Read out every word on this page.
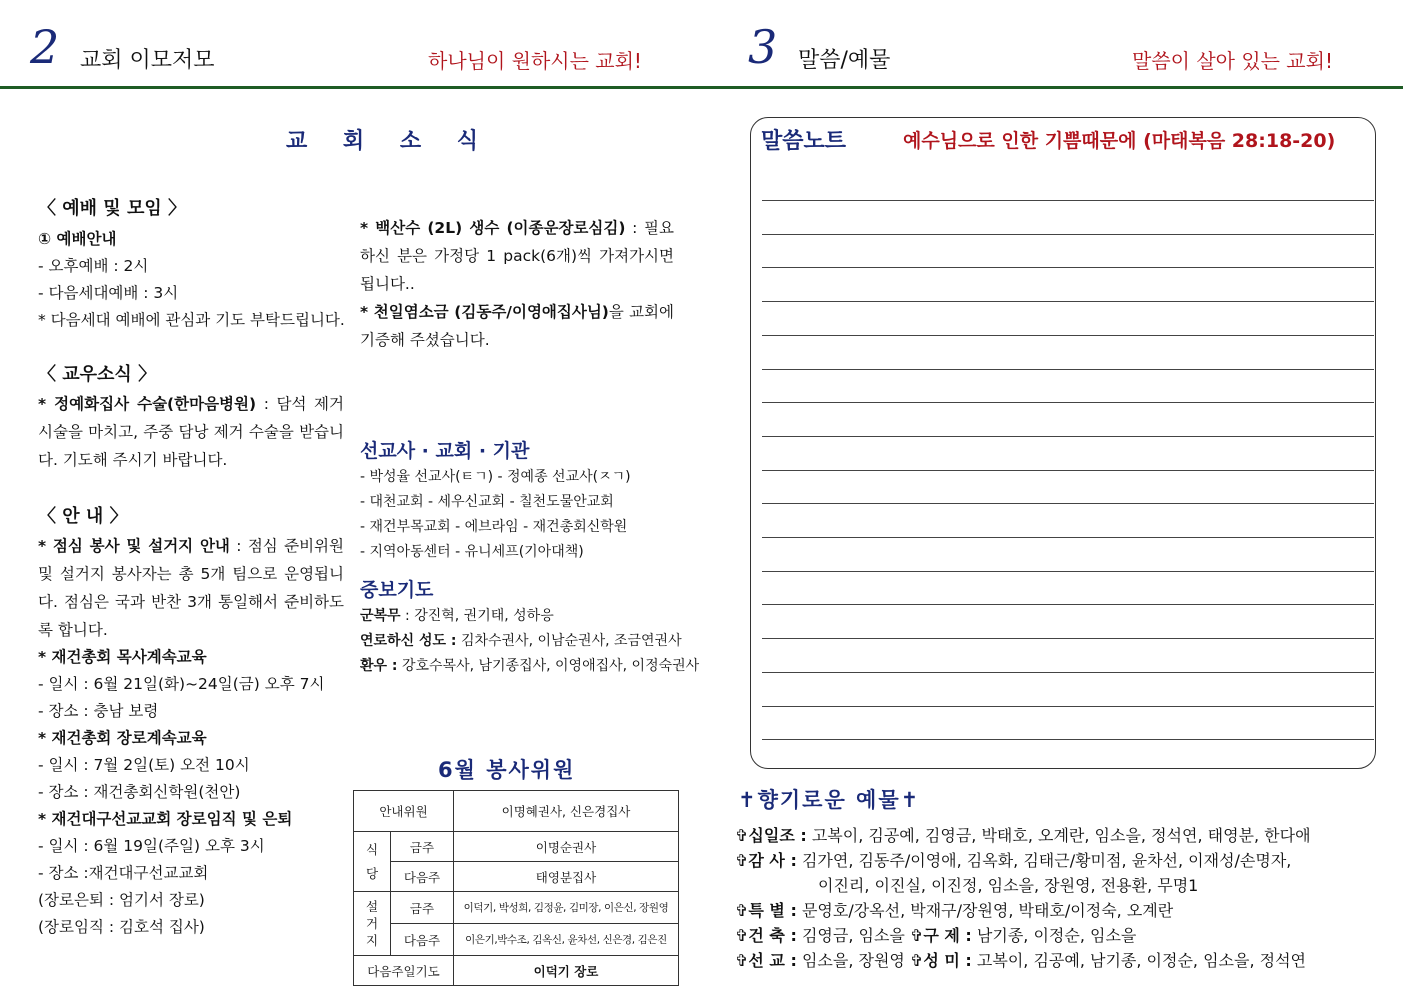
2 교회 이모저모	하나님이 원하시는 교회! 3 말씀/예물	말씀이 살아 있는 교회!
교 회 소 식
〈 예배 및 모임 〉
① 예배안내
- 오후예배 : 2시
- 다음세대예배 : 3시
* 다음세대 예배에 관심과 기도 부탁드립니다.
〈 교우소식 〉
* 정예화집사 수술(한마음병원) : 담석 제거 시술을 마치고, 주중 담낭 제거 수술을 받습니다. 기도해 주시기 바랍니다.
〈 안 내 〉
* 점심 봉사 및 설거지 안내 : 점심 준비위원 및 설거지 봉사자는 총 5개 팀으로 운영됩니다. 점심은 국과 반찬 3개 통일해서 준비하도록 합니다.
* 재건총회 목사계속교육
- 일시 : 6월 21일(화)~24일(금) 오후 7시
- 장소 : 충남 보령
* 재건총회 장로계속교육
- 일시 : 7월 2일(토) 오전 10시
- 장소 : 재건총회신학원(천안)
* 재건대구선교교회 장로임직 및 은퇴
- 일시 : 6월 19일(주일) 오후 3시
- 장소 :재건대구선교교회
(장로은퇴 : 엄기서 장로)
(장로임직 : 김호석 집사)
* 백산수 (2L) 생수 (이종운장로심김) : 필요하신 분은 가정당 1 pack(6개)씩 가져가시면 됩니다..
* 천일염소금 (김동주/이영애집사님)을 교회에 기증해 주셨습니다.
선교사 · 교회 · 기관
- 박성율 선교사(ㅌㄱ) - 정예종 선교사(ㅈㄱ)
- 대천교회 - 세우신교회 - 칠천도물안교회
- 재건부목교회 - 에브라임 - 재건총회신학원
- 지역아동센터 - 유니세프(기아대책)
중보기도
군복무 : 강진혁, 권기태, 성하응
연로하신 성도 : 김차수권사, 이남순권사, 조금연권사
환우 : 강호수목사, 남기종집사, 이영애집사, 이정숙권사
6월 봉사위원
안내위원		이명혜권사, 신은경집사
식
당	금주	이명순권사
	다음주	태영분집사
설
거
지	금주	이덕기, 박성희, 김정윤, 김미장, 이은신, 장원영
	다음주	이은기,박수조, 김옥신, 윤차선, 신은경, 김은진
다음주일기도		이덕기 장로
말씀노트	예수님으로 인한 기쁨때문에 (마태복음 28:18-20)
✝향기로운 예물✝
✞십일조 : 고복이, 김공예, 김영금, 박태호, 오계란, 임소을, 정석연, 태영분, 한다애
✞감 사 : 김가연, 김동주/이영애, 김옥화, 김태근/황미점, 윤차선, 이재성/손명자,
이진리, 이진실, 이진정, 임소을, 장원영, 전용환, 무명1
✞특 별 : 문영호/강옥선, 박재구/장원영, 박태호/이정숙, 오계란
✞건 축 : 김영금, 임소을 ✞구 제 : 남기종, 이정순, 임소을
✞선 교 : 임소을, 장원영 ✞성 미 : 고복이, 김공예, 남기종, 이정순, 임소을, 정석연
